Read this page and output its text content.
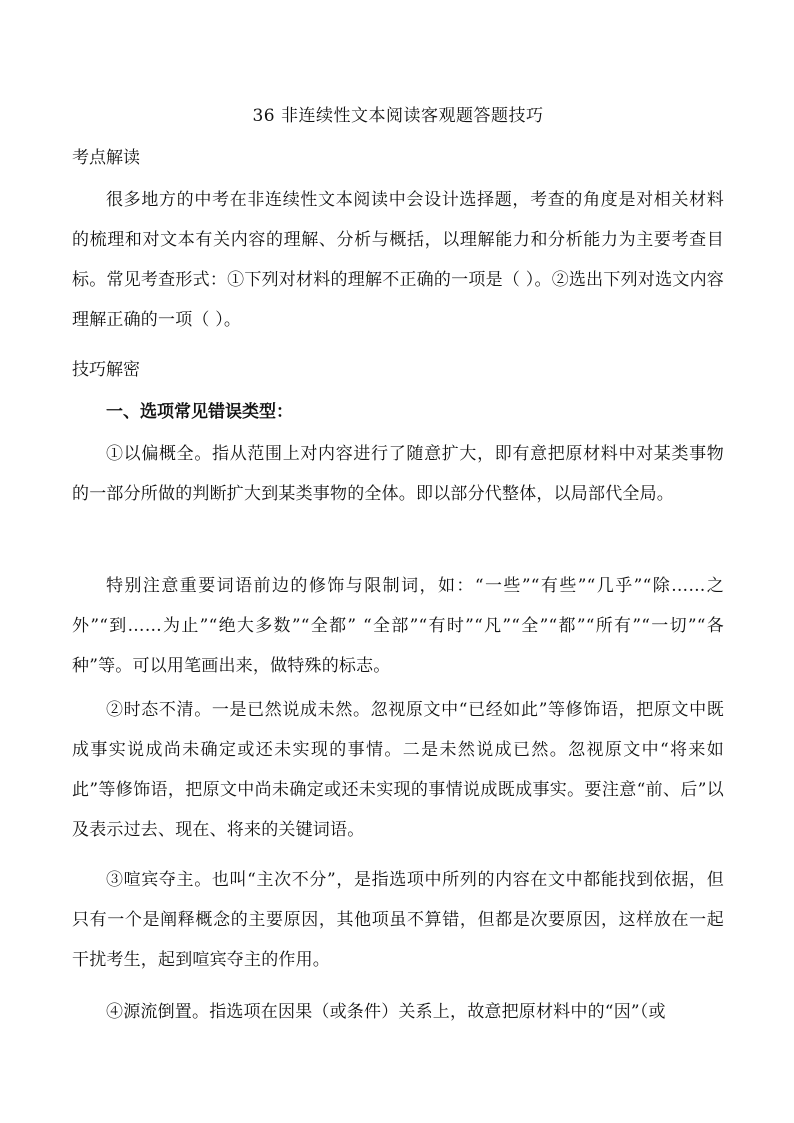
36 非连续性文本阅读客观题答题技巧
考点解读

很多地方的中考在非连续性文本阅读中会设计选择题，考查的角度是对相关材料的梳理和对文本有关内容的理解、分析与概括，以理解能力和分析能力为主要考查目标。常见考查形式：①下列对材料的理解不正确的一项是（ ）。②选出下列对选文内容理解正确的一项（ ）。

技巧解密
一、选项常见错误类型：

①以偏概全。指从范围上对内容进行了随意扩大，即有意把原材料中对某类事物的一部分所做的判断扩大到某类事物的全体。即以部分代整体，以局部代全局。

特别注意重要词语前边的修饰与限制词，如：“一些”“有些”“几乎”“除……之外”“到……为止”“绝大多数”“全都” “全部”“有时”“凡”“全”“都”“所有”“一切”“各种”等。可以用笔画出来，做特殊的标志。

②时态不清。一是已然说成未然。忽视原文中“已经如此”等修饰语，把原文中既成事实说成尚未确定或还未实现的事情。二是未然说成已然。忽视原文中“将来如此”等修饰语，把原文中尚未确定或还未实现的事情说成既成事实。要注意“前、后”以及表示过去、现在、将来的关键词语。

③喧宾夺主。也叫“主次不分”，是指选项中所列的内容在文中都能找到依据，但只有一个是阐释概念的主要原因，其他项虽不算错，但都是次要原因，这样放在一起干扰考生，起到喧宾夺主的作用。

④源流倒置。指选项在因果（或条件）关系上，故意把原材料中的“因”（或
